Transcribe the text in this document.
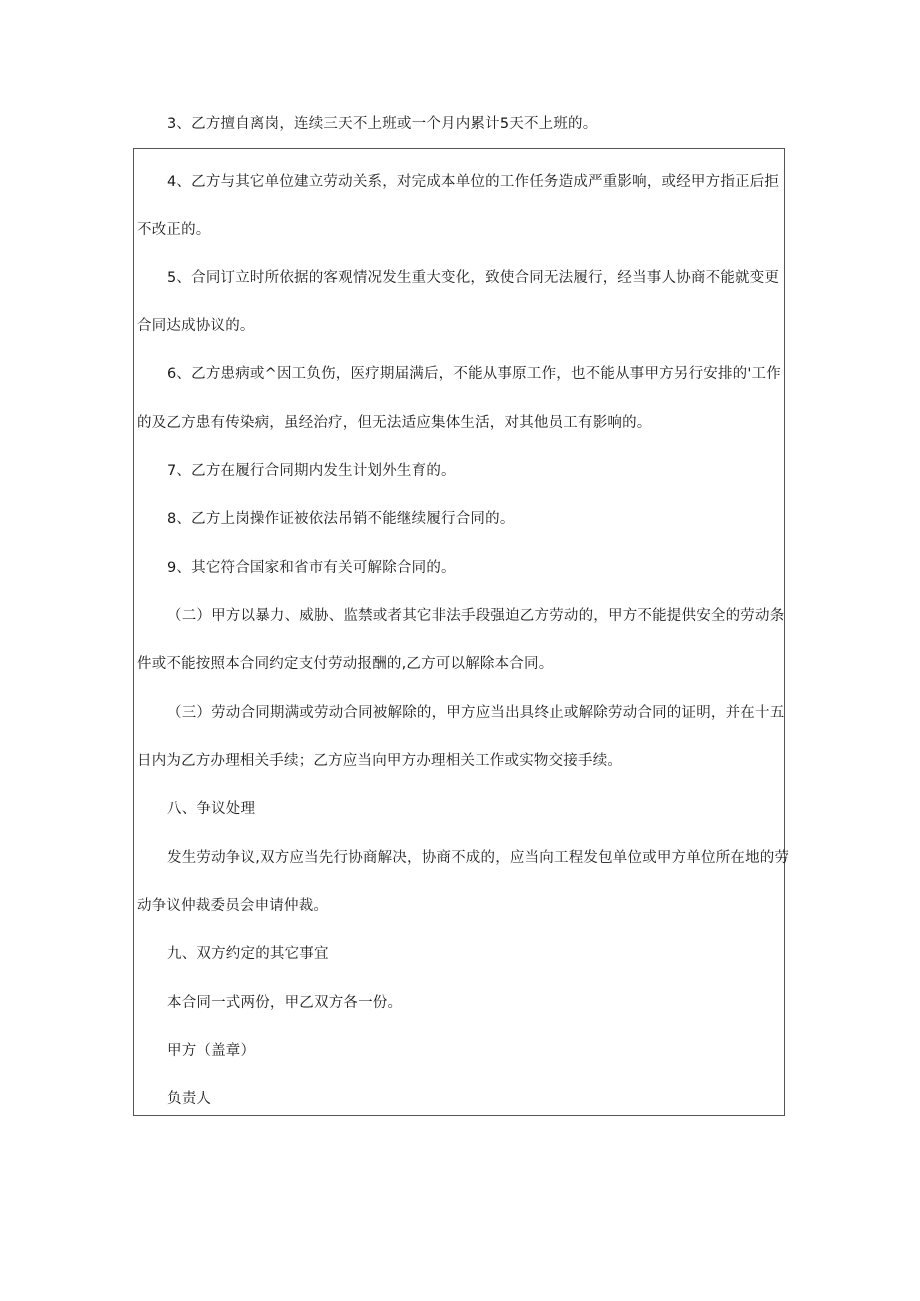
3、乙方擅自离岗，连续三天不上班或一个月内累计5天不上班的。

4、乙方与其它单位建立劳动关系，对完成本单位的工作任务造成严重影响，或经甲方指正后拒

不改正的。

5、合同订立时所依据的客观情况发生重大变化，致使合同无法履行，经当事人协商不能就变更

合同达成协议的。

6、乙方患病或^因工负伤，医疗期届满后，不能从事原工作，也不能从事甲方另行安排的'工作

的及乙方患有传染病，虽经治疗，但无法适应集体生活，对其他员工有影响的。

7、乙方在履行合同期内发生计划外生育的。

8、乙方上岗操作证被依法吊销不能继续履行合同的。

9、其它符合国家和省市有关可解除合同的。

（二）甲方以暴力、威胁、监禁或者其它非法手段强迫乙方劳动的，甲方不能提供安全的劳动条

件或不能按照本合同约定支付劳动报酬的,乙方可以解除本合同。

（三）劳动合同期满或劳动合同被解除的，甲方应当出具终止或解除劳动合同的证明，并在十五

日内为乙方办理相关手续；乙方应当向甲方办理相关工作或实物交接手续。

八、争议处理

发生劳动争议,双方应当先行协商解决，协商不成的，应当向工程发包单位或甲方单位所在地的劳

动争议仲裁委员会申请仲裁。

九、双方约定的其它事宜

本合同一式两份，甲乙双方各一份。

甲方（盖章）

负责人
